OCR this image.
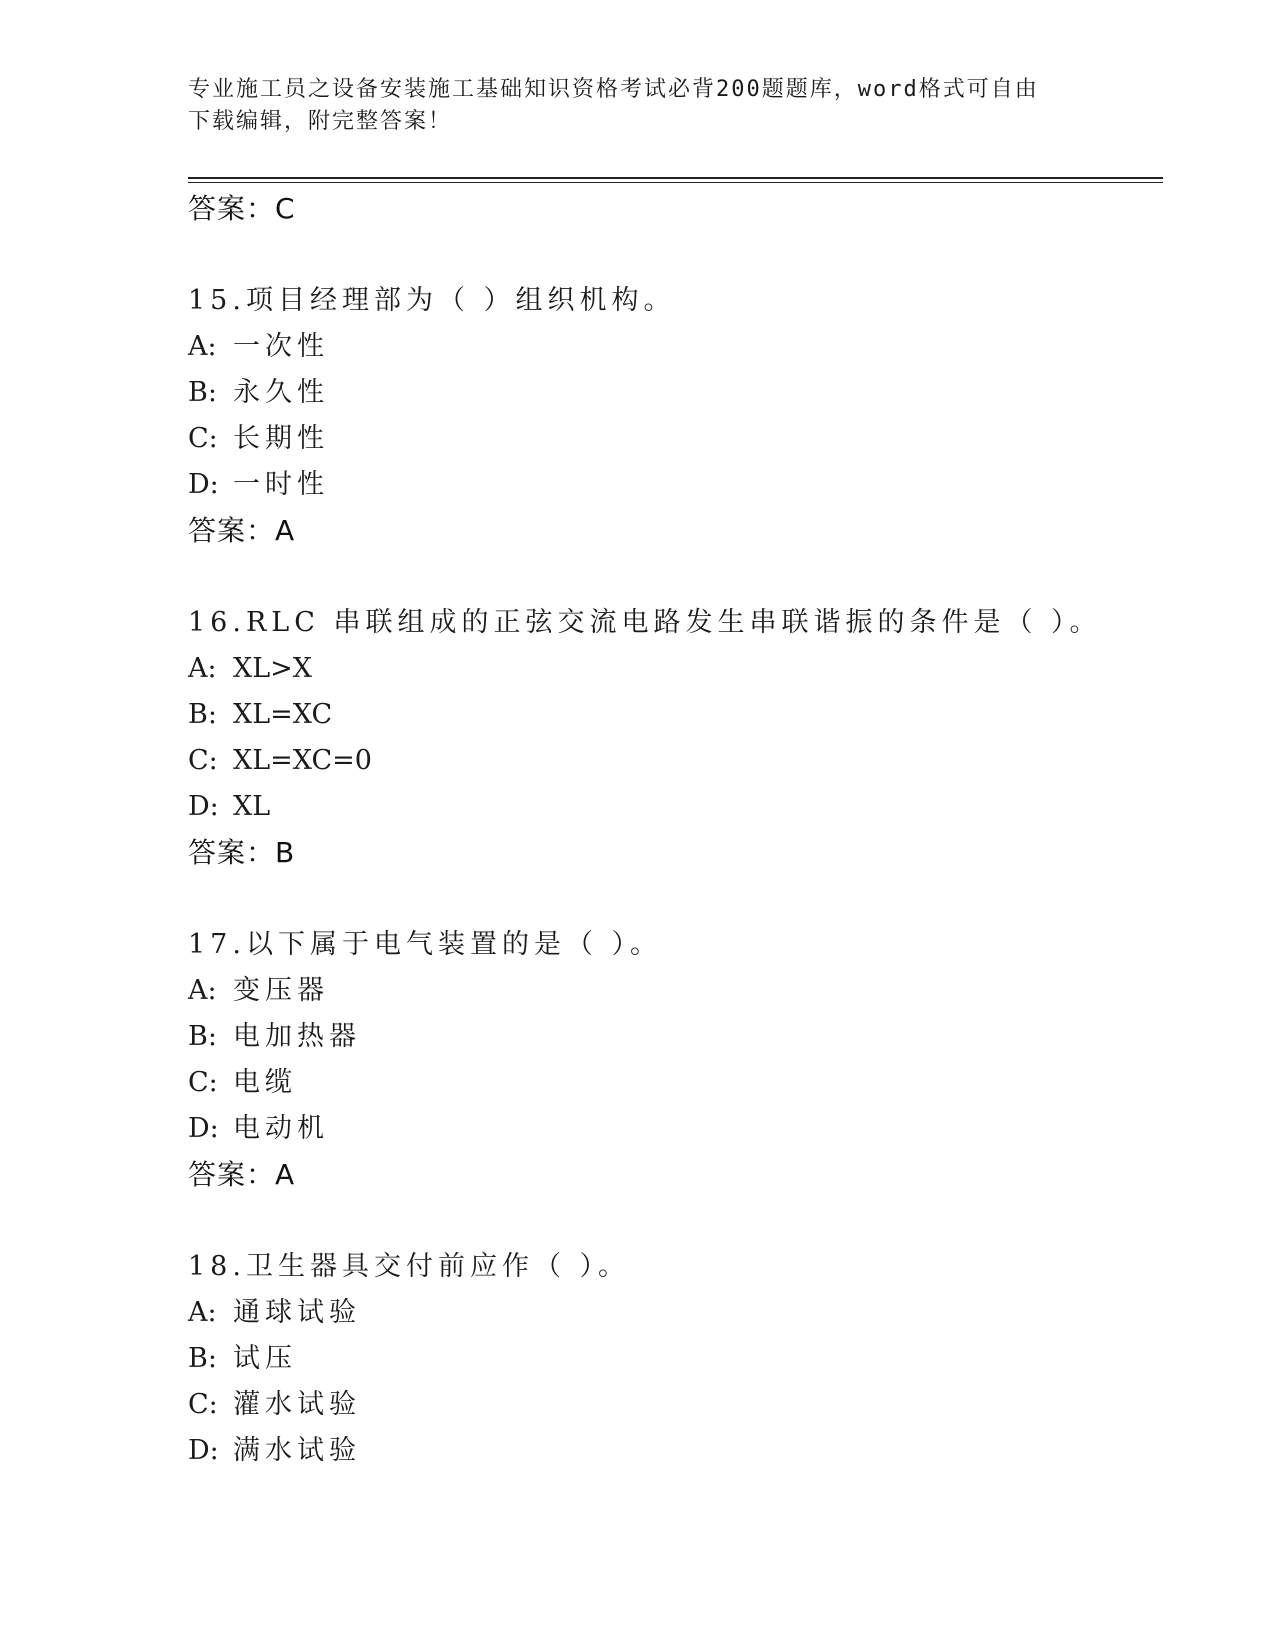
专业施工员之设备安装施工基础知识资格考试必背200题题库，word格式可自由
下载编辑，附完整答案！
答案：C
15.项目经理部为（ ）组织机构。
A: 一次性
B: 永久性
C: 长期性
D: 一时性
答案：A
16.RLC 串联组成的正弦交流电路发生串联谐振的条件是（ ）。
A: XL>X
B: XL=XC
C: XL=XC=0
D: XL
答案：B
17.以下属于电气装置的是（ ）。
A: 变压器
B: 电加热器
C: 电缆
D: 电动机
答案：A
18.卫生器具交付前应作（ ）。
A: 通球试验
B: 试压
C: 灌水试验
D: 满水试验
